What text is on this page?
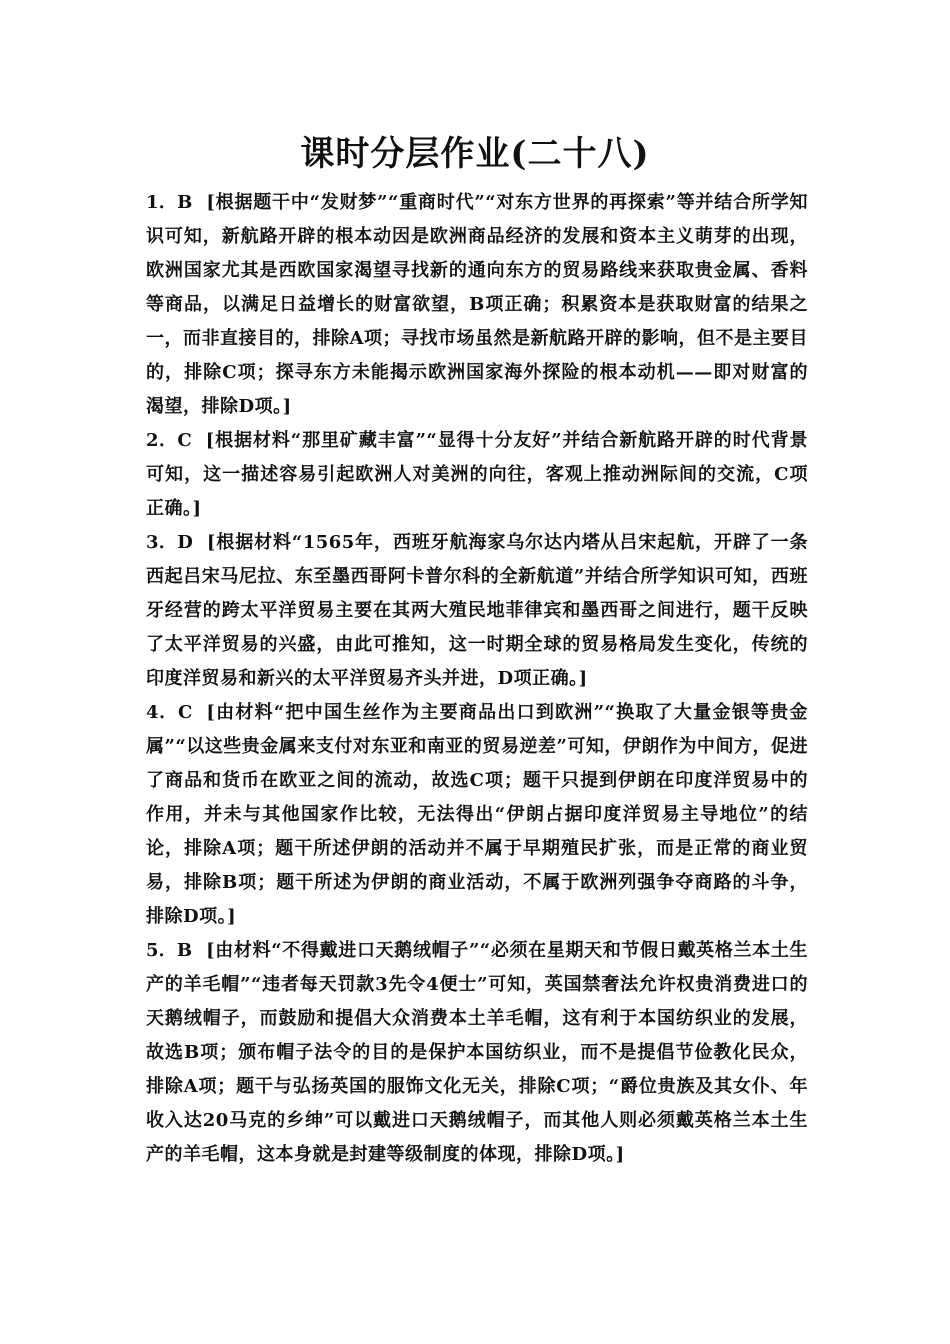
课时分层作业(二十八)
1．B [根据题干中“发财梦”“重商时代”“对东方世界的再探索”等并结合所学知识可知，新航路开辟的根本动因是欧洲商品经济的发展和资本主义萌芽的出现，欧洲国家尤其是西欧国家渴望寻找新的通向东方的贸易路线来获取贵金属、香料等商品，以满足日益增长的财富欲望，B项正确；积累资本是获取财富的结果之一，而非直接目的，排除A项；寻找市场虽然是新航路开辟的影响，但不是主要目的，排除C项；探寻东方未能揭示欧洲国家海外探险的根本动机——即对财富的渴望，排除D项。]
2．C [根据材料“那里矿藏丰富”“显得十分友好”并结合新航路开辟的时代背景可知，这一描述容易引起欧洲人对美洲的向往，客观上推动洲际间的交流，C项正确。]
3．D [根据材料“1565年，西班牙航海家乌尔达内塔从吕宋起航，开辟了一条西起吕宋马尼拉、东至墨西哥阿卡普尔科的全新航道”并结合所学知识可知，西班牙经营的跨太平洋贸易主要在其两大殖民地菲律宾和墨西哥之间进行，题干反映了太平洋贸易的兴盛，由此可推知，这一时期全球的贸易格局发生变化，传统的印度洋贸易和新兴的太平洋贸易齐头并进，D项正确。]
4．C [由材料“把中国生丝作为主要商品出口到欧洲”“换取了大量金银等贵金属”“以这些贵金属来支付对东亚和南亚的贸易逆差”可知，伊朗作为中间方，促进了商品和货币在欧亚之间的流动，故选C项；题干只提到伊朗在印度洋贸易中的作用，并未与其他国家作比较，无法得出“伊朗占据印度洋贸易主导地位”的结论，排除A项；题干所述伊朗的活动并不属于早期殖民扩张，而是正常的商业贸易，排除B项；题干所述为伊朗的商业活动，不属于欧洲列强争夺商路的斗争，排除D项。]
5．B [由材料“不得戴进口天鹅绒帽子”“必须在星期天和节假日戴英格兰本土生产的羊毛帽”“违者每天罚款3先令4便士”可知，英国禁奢法允许权贵消费进口的天鹅绒帽子，而鼓励和提倡大众消费本土羊毛帽，这有利于本国纺织业的发展，故选B项；颁布帽子法令的目的是保护本国纺织业，而不是提倡节俭教化民众，排除A项；题干与弘扬英国的服饰文化无关，排除C项；“爵位贵族及其女仆、年收入达20马克的乡绅”可以戴进口天鹅绒帽子，而其他人则必须戴英格兰本土生产的羊毛帽，这本身就是封建等级制度的体现，排除D项。]
